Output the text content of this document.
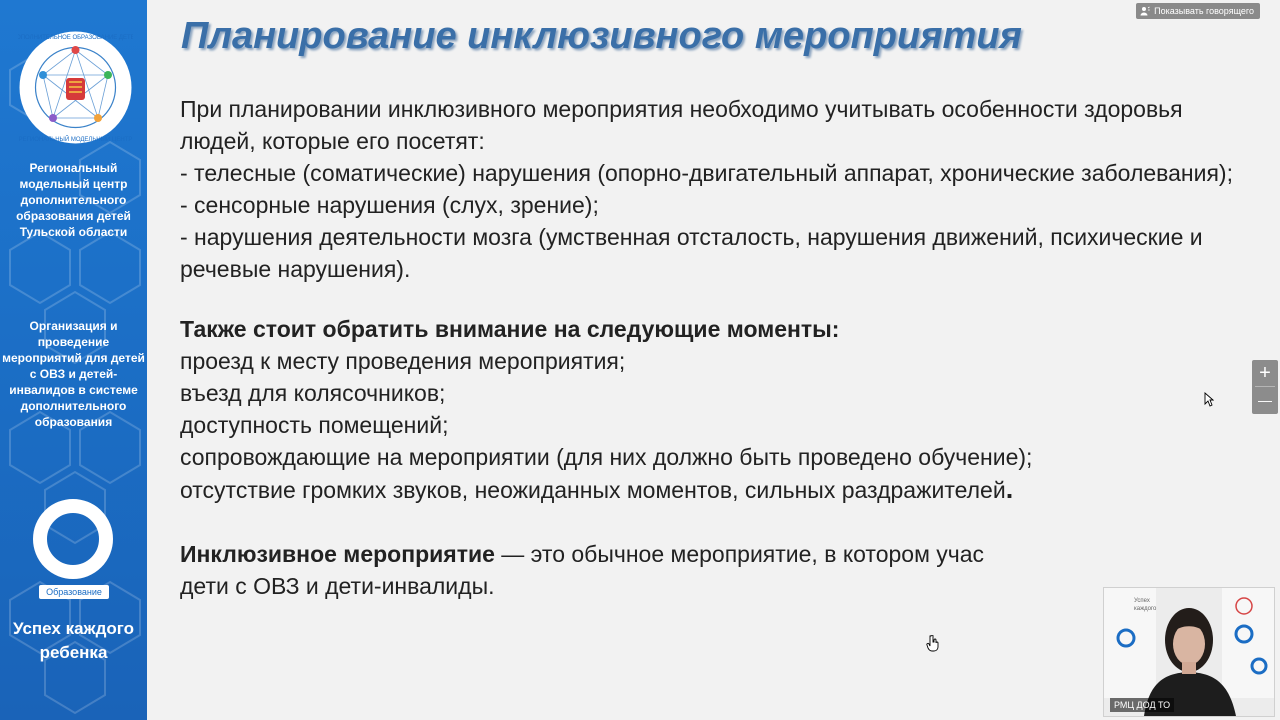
ДОПОЛНИТЕЛЬНОЕ ОБРАЗОВАНИЕ ДЕТЕЙ
РЕГИОНАЛЬНЫЙ МОДЕЛЬНЫЙ ЦЕНТР
Региональный модельный центр дополнительного образования детей Тульской области
Организация и проведение мероприятий для детей с ОВЗ и детей-инвалидов в системе дополнительного образования
Образование
Успех каждого ребенка
Планирование инклюзивного мероприятия

При планировании инклюзивного мероприятия необходимо учитывать особенности здоровья людей, которые его посетят:

- телесные (соматические) нарушения (опорно-двигательный аппарат, хронические заболевания);

- сенсорные нарушения (слух, зрение);

- нарушения деятельности мозга (умственная отсталость, нарушения движений, психические и речевые нарушения).

Также стоит обратить внимание на следующие моменты:

проезд к месту проведения мероприятия;

въезд для колясочников;

доступность помещений;

сопровождающие на мероприятии (для них должно быть проведено обучение);

отсутствие громких звуков, неожиданных моментов, сильных раздражителей.

Инклюзивное мероприятие — это обычное мероприятие, в котором учас

дети с ОВЗ и дети-инвалиды.

Показывать говорящего
+
—
Успех
каждого
РМЦ ДОД ТО
